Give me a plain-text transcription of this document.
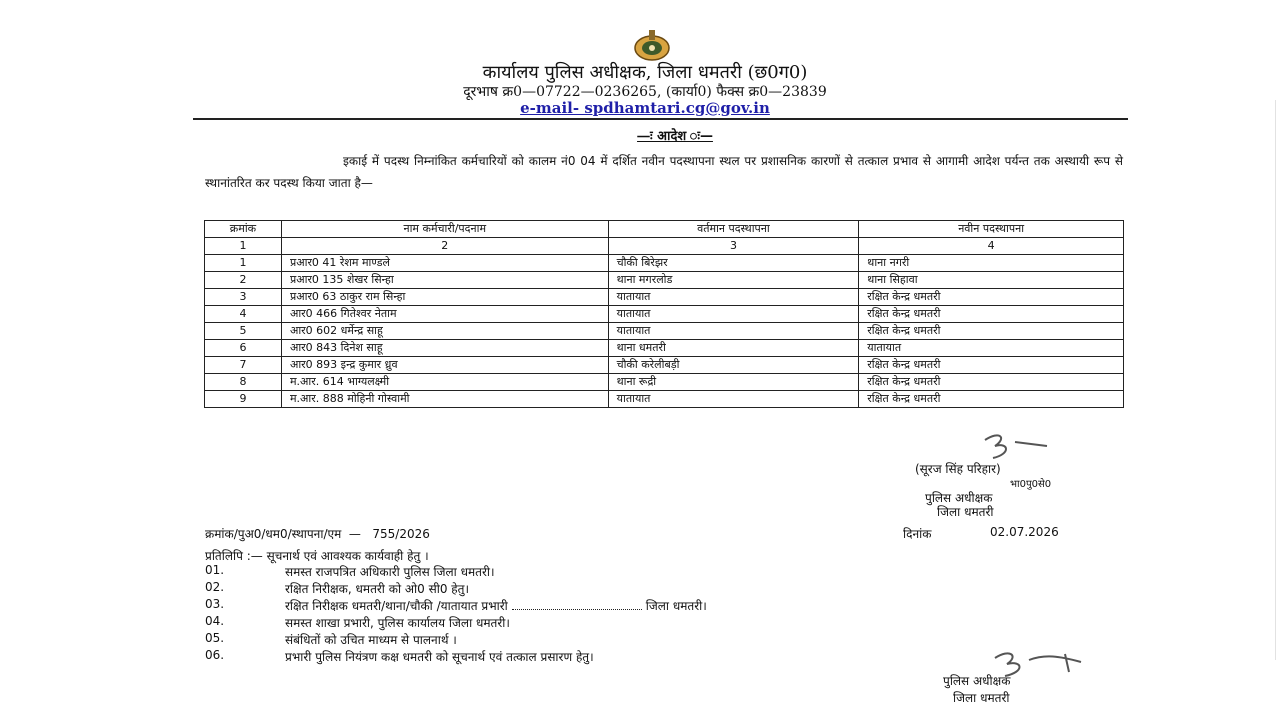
कार्यालय पुलिस अधीक्षक, जिला धमतरी (छ0ग0)
दूरभाष क्र0—07722—0236265, (कार्या0) फैक्स क्र0—23839
e-mail- spdhamtari.cg@gov.in
—ः आदेश ः—
इकाई में पदस्थ निम्नांकित कर्मचारियों को कालम नं0 04 में दर्शित नवीन पदस्थापना स्थल पर प्रशासनिक कारणों से तत्काल प्रभाव से आगामी आदेश पर्यन्त तक अस्थायी रूप से स्थानांतरित कर पदस्थ किया जाता है—
क्रमांक	नाम कर्मचारी/पदनाम	वर्तमान पदस्थापना	नवीन पदस्थापना
1	2	3	4
1	प्रआर0 41 रेशम माण्डले	चौकी बिरेझर	थाना नगरी
2	प्रआर0 135 शेखर सिन्हा	थाना मगरलोड	थाना सिहावा
3	प्रआर0 63 ठाकुर राम सिन्हा	यातायात	रक्षित केन्द्र धमतरी
4	आर0 466 गितेश्वर नेताम	यातायात	रक्षित केन्द्र धमतरी
5	आर0 602 धर्मेन्द्र साहू	यातायात	रक्षित केन्द्र धमतरी
6	आर0 843 दिनेश साहू	थाना धमतरी	यातायात
7	आर0 893 इन्द्र कुमार ध्रुव	चौकी करेलीबड़ी	रक्षित केन्द्र धमतरी
8	म.आर. 614 भाग्यलक्ष्मी	थाना रूद्री	रक्षित केन्द्र धमतरी
9	म.आर. 888 मोहिनी गोस्वामी	यातायात	रक्षित केन्द्र धमतरी
(सूरज सिंह परिहार)
भा0पु0से0
पुलिस अधीक्षक
जिला धमतरी
क्रमांक/पुअ0/धम0/स्थापना/एम  —   755/2026	दिनांक	02.07.2026
प्रतिलिपि :— सूचनार्थ एवं आवश्यक कार्यवाही हेतु ।
01.	समस्त राजपत्रित अधिकारी पुलिस जिला धमतरी।
02.	रक्षित निरीक्षक, धमतरी को ओ0 सी0 हेतु।
03.	रक्षित निरीक्षक धमतरी/थाना/चौकी /यातायात प्रभारी	जिला धमतरी।
04.	समस्त शाखा प्रभारी, पुलिस कार्यालय जिला धमतरी।
05.	संबंधितों को उचित माध्यम से पालनार्थ ।
06.	प्रभारी पुलिस नियंत्रण कक्ष धमतरी को सूचनार्थ एवं तत्काल प्रसारण हेतु।
पुलिस अधीक्षक
जिला धमतरी
